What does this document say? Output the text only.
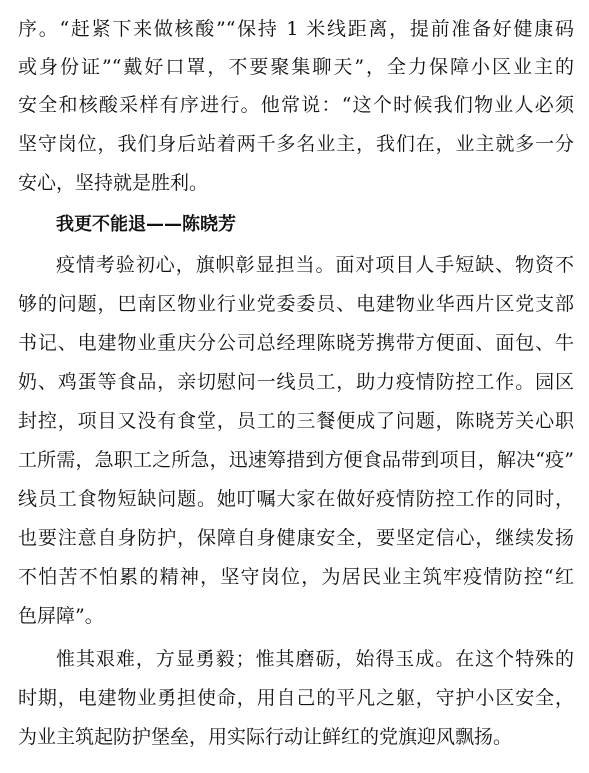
序。“赶紧下来做核酸”“保持 1 米线距离，提前准备好健康码
或身份证”“戴好口罩，不要聚集聊天”，全力保障小区业主的
安全和核酸采样有序进行。他常说：“这个时候我们物业人必须
坚守岗位，我们身后站着两千多名业主，我们在，业主就多一分
安心，坚持就是胜利。
我更不能退——陈晓芳
疫情考验初心，旗帜彰显担当。面对项目人手短缺、物资不
够的问题，巴南区物业行业党委委员、电建物业华西片区党支部
书记、电建物业重庆分公司总经理陈晓芳携带方便面、面包、牛
奶、鸡蛋等食品，亲切慰问一线员工，助力疫情防控工作。园区
封控，项目又没有食堂，员工的三餐便成了问题，陈晓芳关心职
工所需，急职工之所急，迅速筹措到方便食品带到项目，解决“疫”
线员工食物短缺问题。她叮嘱大家在做好疫情防控工作的同时，
也要注意自身防护，保障自身健康安全，要坚定信心，继续发扬
不怕苦不怕累的精神，坚守岗位，为居民业主筑牢疫情防控“红
色屏障”。
惟其艰难，方显勇毅；惟其磨砺，始得玉成。在这个特殊的
时期，电建物业勇担使命，用自己的平凡之躯，守护小区安全，
为业主筑起防护堡垒，用实际行动让鲜红的党旗迎风飘扬。
